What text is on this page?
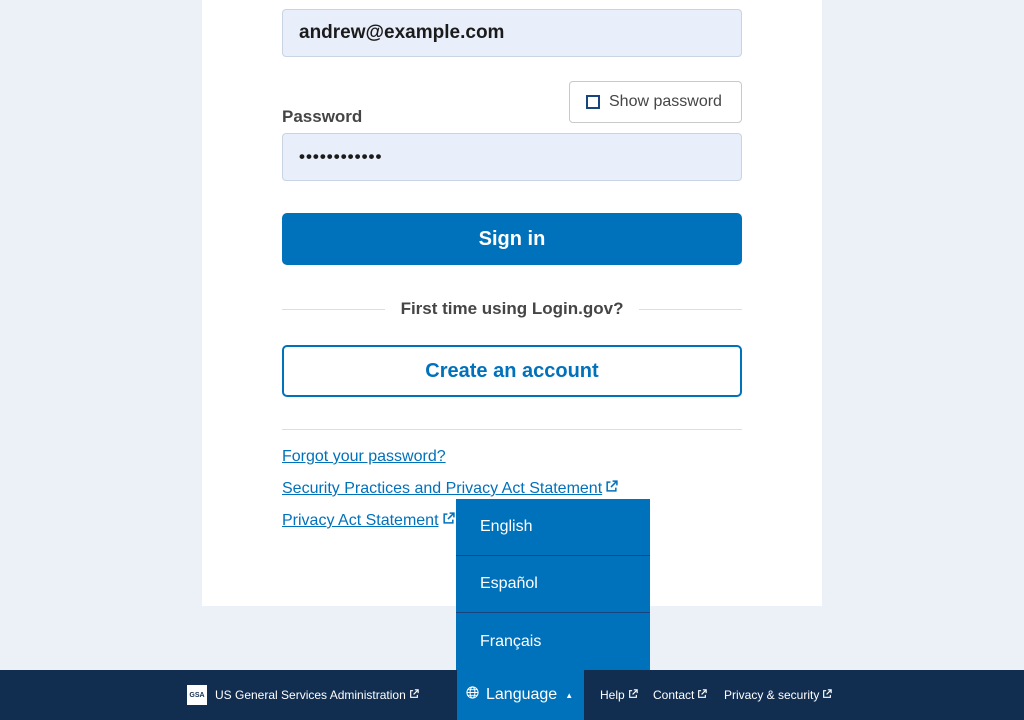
andrew@example.com
Show password
Password
••••••••••••
Sign in
First time using Login.gov?
Create an account
Forgot your password?
Security Practices and Privacy Act Statement
Privacy Act Statement	English
Español
Français
GSA US General Services Administration	Language ▲ Help Contact Privacy & security
